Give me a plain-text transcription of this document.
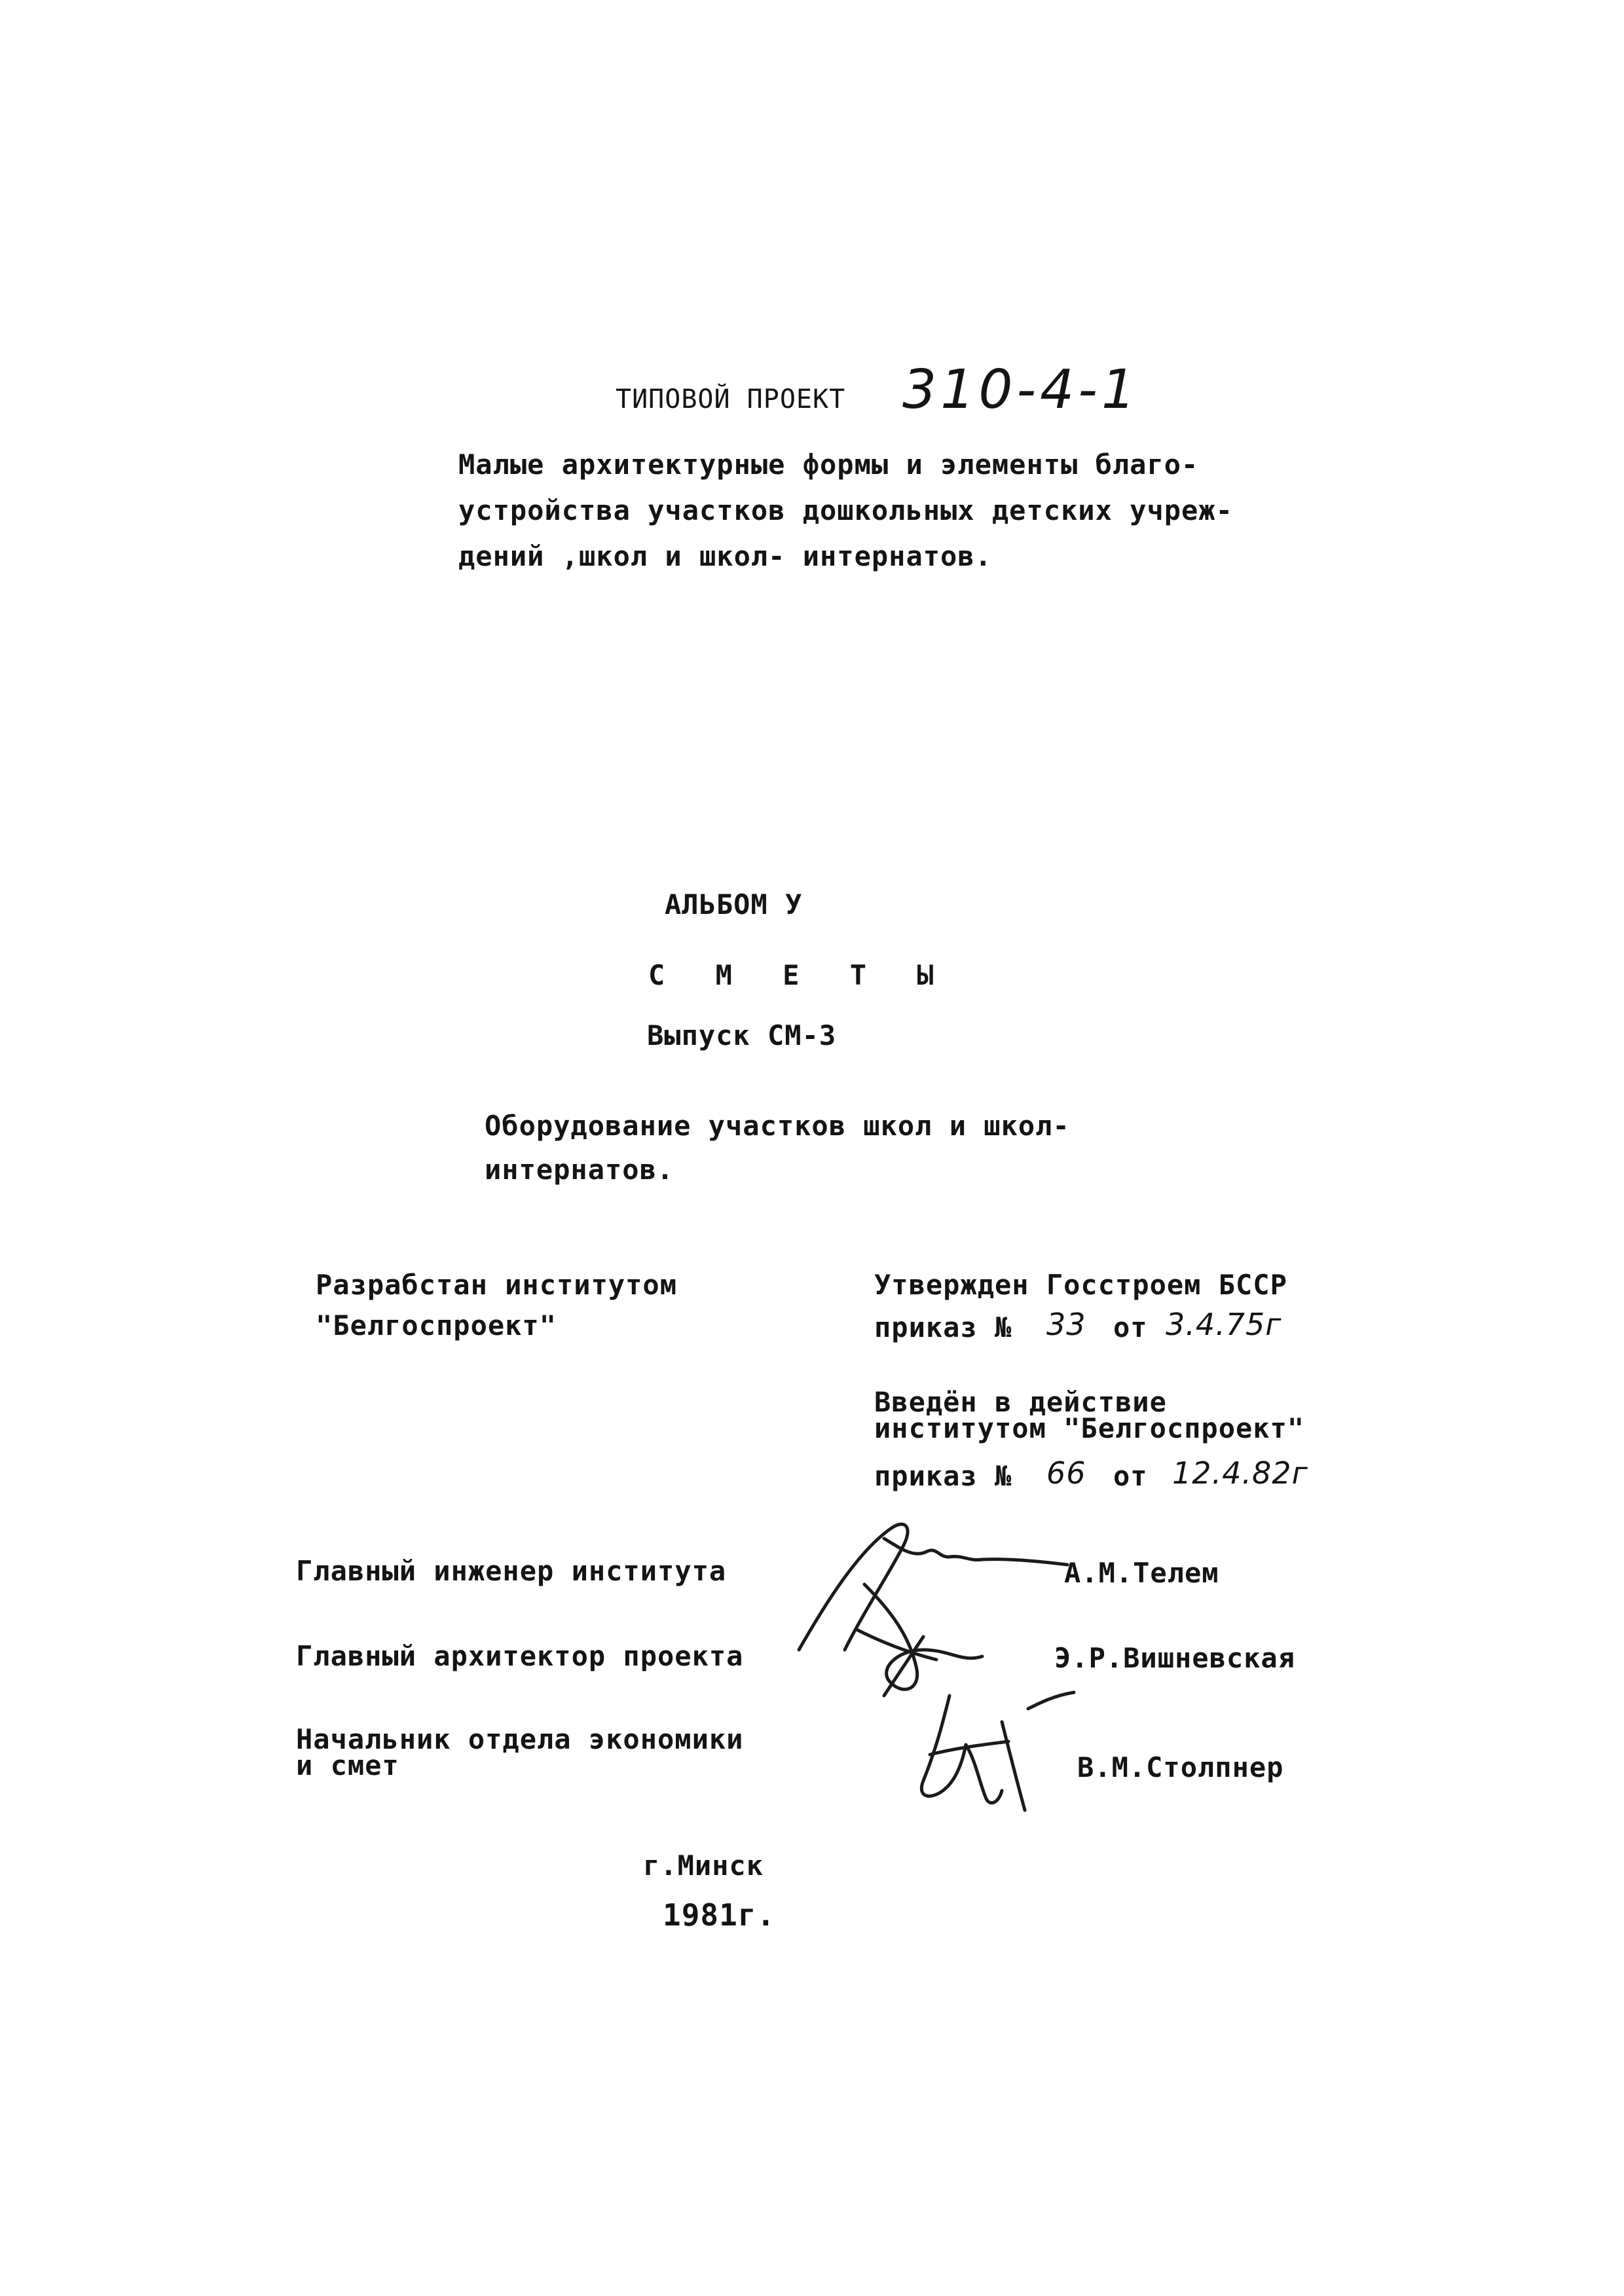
ТИПОВОЙ ПРОЕКТ 310-4-1
Малые архитектурные формы и элементы благо-
устройства участков дошкольных детских учреж-
дений ,школ и школ- интернатов.
АЛЬБОМ У
С М Е Т Ы
Выпуск СМ-3
Оборудование участков школ и школ-
интернатов.
Разрабстан институтом
"Белгоспроект"
Утвержден Госстроем БССР
приказ № 33 от 3.4.75г
Введён в действие
институтом "Белгоспроект"
приказ № 66 от 12.4.82г
Главный инженер института	А.М.Телем
Главный архитектор проекта	Э.Р.Вишневская
Начальник отдела экономики
и смет	В.М.Столпнер
г.Минск
1981г.
